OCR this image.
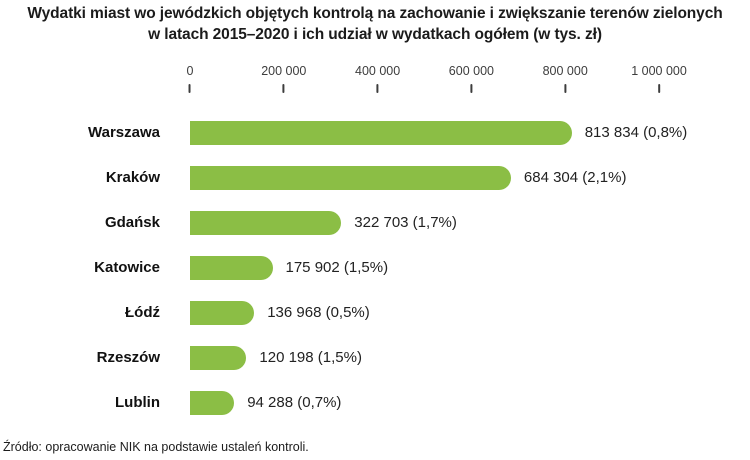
Wydatki miast wo jewódzkich objętych kontrolą na zachowanie i zwiększanie terenów zielonych
w latach 2015–2020 i ich udział w wydatkach ogółem (w tys. zł)
0	200 000	400 000	600 000	800 000	1 000 000
Warszawa	813 834 (0,8%)
Kraków	684 304 (2,1%)
Gdańsk	322 703 (1,7%)
Katowice	175 902 (1,5%)
Łódź	136 968 (0,5%)
Rzeszów	120 198 (1,5%)
Lublin	94 288 (0,7%)
Źródło: opracowanie NIK na podstawie ustaleń kontroli.
